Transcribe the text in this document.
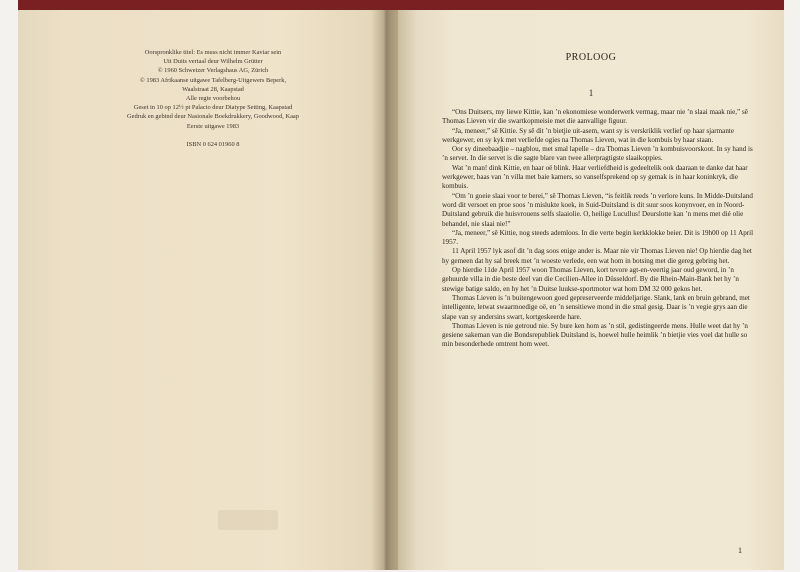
Oorspronklike titel: Es muss nicht immer Kaviar sein
Uit Duits vertaal deur Wilhelm Grütter
© 1960 Schweizer Verlagshaus AG, Zürich
© 1983 Afrikaanse uitgawe Tafelberg-Uitgewers Beperk,
Waalstraat 28, Kaapstad
Alle regte voorbehou
Geset in 10 op 12½ pt Palacio deur Diatype Setting, Kaapstad
Gedruk en gebind deur Nasionale Boekdrukkery, Goodwood, Kaap
Eerste uitgawe 1983
ISBN 0 624 01960 8
PROLOOG
1

“Ons Duitsers, my liewe Kittie, kan ’n ekonomiese wonderwerk vermag, maar nie ’n slaai maak nie,” sê Thomas Lieven vir die swartkopmeisie met die aanvallige figuur.

“Ja, meneer,” sê Kittie. Sy sê dit ’n bietjie uit-asem, want sy is verskriklik verlief op haar sjarmante werkgewer, en sy kyk met verliefde ogies na Thomas Lieven, wat in die kombuis by haar staan.

Oor sy dineebaadjie – nagblou, met smal lapelle – dra Thomas Lieven ’n kombuisvoorskoot. In sy hand is ’n servet. In die servet is die sagte blare van twee allerpragtigste slaaikoppies.

Wat ’n man! dink Kittie, en haar oë blink. Haar verliefdheid is gedeeltelik ook daaraan te danke dat haar werkgewer, baas van ’n villa met baie kamers, so vanselfsprekend op sy gemak is in haar koninkryk, die kombuis.

“Om ’n goeie slaai voor te berei,” sê Thomas Lieven, “is feitlik reeds ’n verlore kuns. In Midde-Duitsland word dit versoet en proe soos ’n mislukte koek, in Suid-Duitsland is dit suur soos konynvoer, en in Noord-Duitsland gebruik die huisvrouens selfs slaaiolie. O, heilige Lucullus! Deurslotte kan ’n mens met dié olie behandel, nie slaai nie!”

“Ja, meneer,” sê Kittie, nog steeds ademloos. In die verte begin kerkklokke beier. Dit is 19h00 op 11 April 1957.

11 April 1957 lyk asof dit ’n dag soos enige ander is. Maar nie vir Thomas Lieven nie! Op hierdie dag het hy gemeen dat hy sal breek met ’n woeste verlede, een wat hom in botsing met die gereg gebring het.

Op hierdie 11de April 1957 woon Thomas Lieven, kort tevore agt-en-veertig jaar oud geword, in ’n gehuurde villa in die beste deel van die Cecilien-Allee in Düsseldorf. By die Rhein-Main-Bank het hy ’n stewige batige saldo, en hy het ’n Duitse luukse-sportmotor wat hom DM 32 000 gekos het.

Thomas Lieven is ’n buitengewoon goed gepreserveerde middeljarige. Slank, lank en bruin gebrand, met intelligente, letwat swaarmoedige oë, en ’n sensitiewe mond in die smal gesig. Daar is ’n vegie grys aan die slape van sy andersins swart, kortgeskeerde hare.

Thomas Lieven is nie getroud nie. Sy bure ken hom as ’n stil, gedistingeerde mens. Hulle weet dat hy ’n gesiene sakeman van die Bondsrepubliek Duitsland is, hoewel hulle heimlik ’n bietjie vies voel dat hulle so min besonderhede omtrent hom weet.

1
